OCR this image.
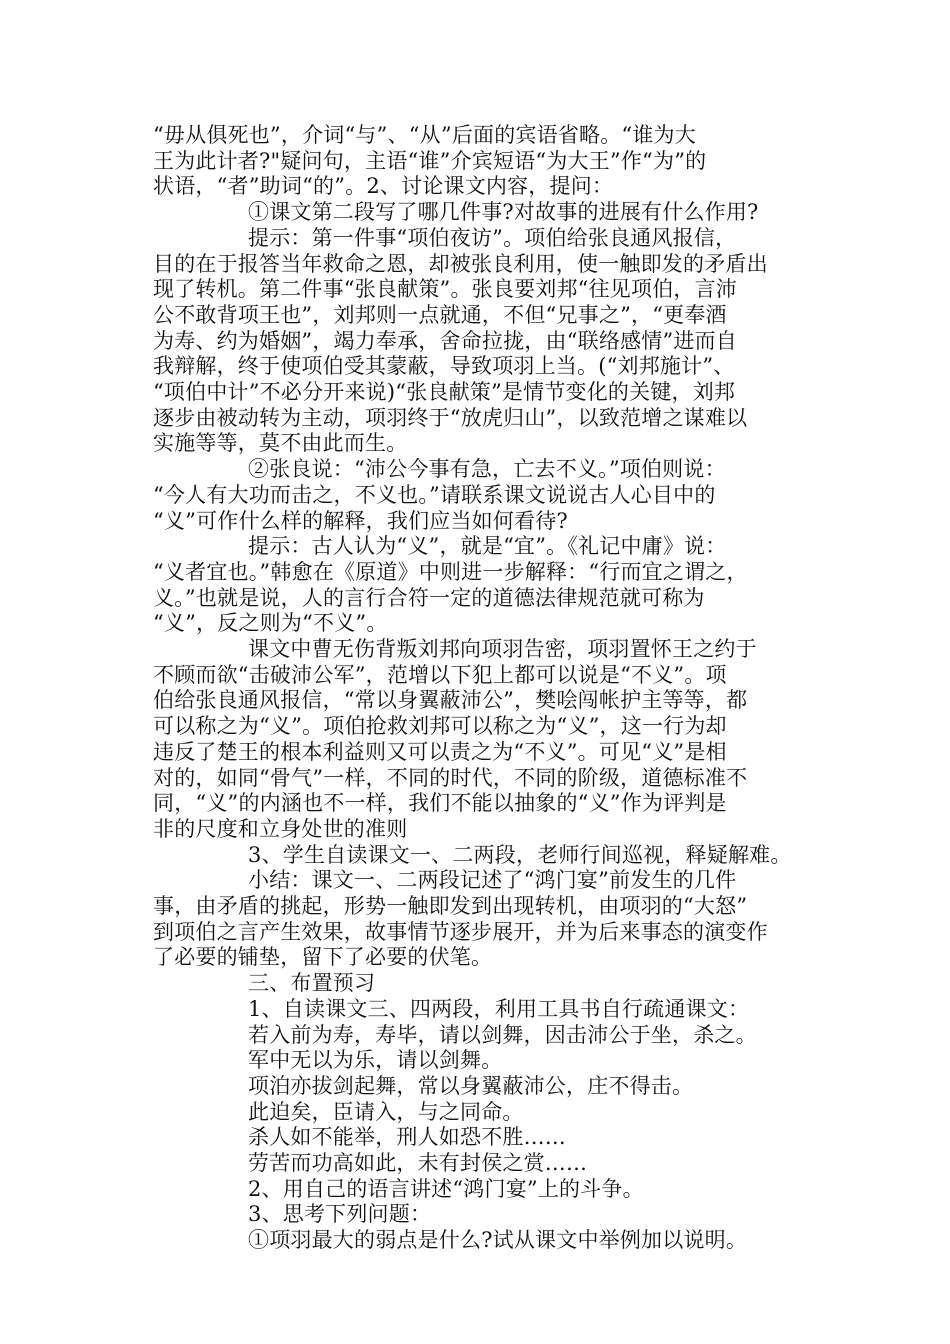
“毋从俱死也”，介词“与”、“从”后面的宾语省略。“谁为大
王为此计者?"疑问句，主语“谁”介宾短语“为大王”作“为”的
状语，“者”助词“的”。2、讨论课文内容，提问：
①课文第二段写了哪几件事?对故事的进展有什么作用?
提示：第一件事“项伯夜访”。项伯给张良通风报信，
目的在于报答当年救命之恩，却被张良利用，使一触即发的矛盾出
现了转机。第二件事“张良献策”。张良要刘邦“往见项伯，言沛
公不敢背项王也”，刘邦则一点就通，不但“兄事之”，“更奉酒
为寿、约为婚姻”，竭力奉承，舍命拉拢，由“联络感情”进而自
我辩解，终于使项伯受其蒙蔽，导致项羽上当。(“刘邦施计”、
“项伯中计”不必分开来说)“张良献策”是情节变化的关键，刘邦
逐步由被动转为主动，项羽终于“放虎归山”，以致范增之谋难以
实施等等，莫不由此而生。
②张良说：“沛公今事有急，亡去不义。”项伯则说：
“今人有大功而击之，不义也。”请联系课文说说古人心目中的
“义”可作什么样的解释，我们应当如何看待?
提示：古人认为“义”，就是“宜”。《礼记中庸》说：
“义者宜也。”韩愈在《原道》中则进一步解释：“行而宜之谓之，
义。”也就是说，人的言行合符一定的道德法律规范就可称为
“义”，反之则为“不义”。
课文中曹无伤背叛刘邦向项羽告密，项羽置怀王之约于
不顾而欲“击破沛公军”，范增以下犯上都可以说是“不义”。项
伯给张良通风报信，“常以身翼蔽沛公”，樊哙闯帐护主等等，都
可以称之为“义”。项伯抢救刘邦可以称之为“义”，这一行为却
违反了楚王的根本利益则又可以责之为“不义”。可见“义”是相
对的，如同“骨气”一样，不同的时代，不同的阶级，道德标准不
同，“义”的内涵也不一样，我们不能以抽象的“义”作为评判是
非的尺度和立身处世的准则
3、学生自读课文一、二两段，老师行间巡视，释疑解难。
小结：课文一、二两段记述了“鸿门宴”前发生的几件
事，由矛盾的挑起，形势一触即发到出现转机，由项羽的“大怒”
到项伯之言产生效果，故事情节逐步展开，并为后来事态的演变作
了必要的铺垫，留下了必要的伏笔。
三、布置预习
1、自读课文三、四两段，利用工具书自行疏通课文：
若入前为寿，寿毕，请以剑舞，因击沛公于坐，杀之。
军中无以为乐，请以剑舞。
项泊亦拔剑起舞，常以身翼蔽沛公，庄不得击。
此迫矣，臣请入，与之同命。
杀人如不能举，刑人如恐不胜……
劳苦而功高如此，未有封侯之赏……
2、用自己的语言讲述“鸿门宴”上的斗争。
3、思考下列问题：
①项羽最大的弱点是什么?试从课文中举例加以说明。
